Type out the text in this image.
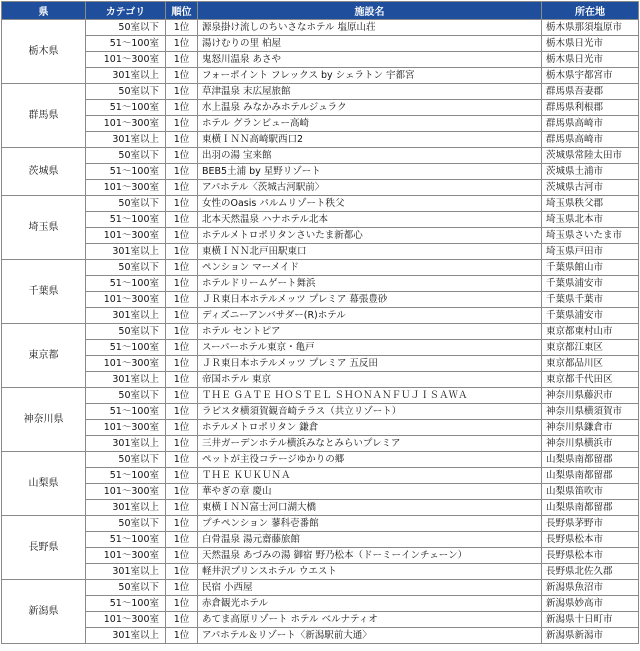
県	カテゴリ	順位	施設名	所在地
栃木県	50室以下	1位	源泉掛け流しのちいさなホテル 塩原山荘	栃木県那須塩原市
	51～100室	1位	湯けむりの里 柏屋	栃木県日光市
	101～300室	1位	鬼怒川温泉 あさや	栃木県日光市
	301室以上	1位	フォーポイント フレックス by シェラトン 宇都宮	栃木県宇都宮市
群馬県	50室以下	1位	草津温泉 末広屋旅館	群馬県吾妻郡
	51～100室	1位	水上温泉 みなかみホテルジュラク	群馬県利根郡
	101～300室	1位	ホテル グランビュー高崎	群馬県高崎市
	301室以上	1位	東横ＩＮＮ高崎駅西口2	群馬県高崎市
茨城県	50室以下	1位	出羽の湯 宝来館	茨城県常陸太田市
	51～100室	1位	BEB5土浦 by 星野リゾート	茨城県土浦市
	101～300室	1位	アパホテル〈茨城古河駅前〉	茨城県古河市
埼玉県	50室以下	1位	女性のOasis パルムリゾート秩父	埼玉県秩父郡
	51～100室	1位	北本天然温泉 ハナホテル北本	埼玉県北本市
	101～300室	1位	ホテルメトロポリタンさいたま新都心	埼玉県さいたま市
	301室以上	1位	東横ＩＮＮ北戸田駅東口	埼玉県戸田市
千葉県	50室以下	1位	ペンション マーメイド	千葉県館山市
	51～100室	1位	ホテルドリームゲート舞浜	千葉県浦安市
	101～300室	1位	ＪＲ東日本ホテルメッツ プレミア 幕張豊砂	千葉県千葉市
	301室以上	1位	ディズニーアンバサダー(R)ホテル	千葉県浦安市
東京都	50室以下	1位	ホテル セントピア	東京都東村山市
	51～100室	1位	スーパーホテル東京・亀戸	東京都江東区
	101～300室	1位	ＪＲ東日本ホテルメッツ プレミア 五反田	東京都品川区
	301室以上	1位	帝国ホテル 東京	東京都千代田区
神奈川県	50室以下	1位	ＴＨＥ ＧＡＴＥ ＨＯＳＴＥＬ ＳＨＯＮＡＮＦＵＪＩＳＡＷＡ	神奈川県藤沢市
	51～100室	1位	ラビスタ横須賀観音崎テラス（共立リゾート）	神奈川県横須賀市
	101～300室	1位	ホテルメトロポリタン 鎌倉	神奈川県鎌倉市
	301室以上	1位	三井ガーデンホテル横浜みなとみらいプレミア	神奈川県横浜市
山梨県	50室以下	1位	ペットが主役コテージゆかりの郷	山梨県南都留郡
	51～100室	1位	ＴＨＥ ＫＵＫＵＮＡ	山梨県南都留郡
	101～300室	1位	華やぎの章 慶山	山梨県笛吹市
	301室以上	1位	東横ＩＮＮ富士河口湖大橋	山梨県南都留郡
長野県	50室以下	1位	プチペンション 蓼科壱番館	長野県茅野市
	51～100室	1位	白骨温泉 湯元齋藤旅館	長野県松本市
	101～300室	1位	天然温泉 あづみの湯 御宿 野乃松本（ドーミーインチェーン）	長野県松本市
	301室以上	1位	軽井沢プリンスホテル ウエスト	長野県北佐久郡
新潟県	50室以下	1位	民宿 小西屋	新潟県魚沼市
	51～100室	1位	赤倉観光ホテル	新潟県妙高市
	101～300室	1位	あてま高原リゾート ホテル ベルナティオ	新潟県十日町市
	301室以上	1位	アパホテル＆リゾート〈新潟駅前大通〉	新潟県新潟市
